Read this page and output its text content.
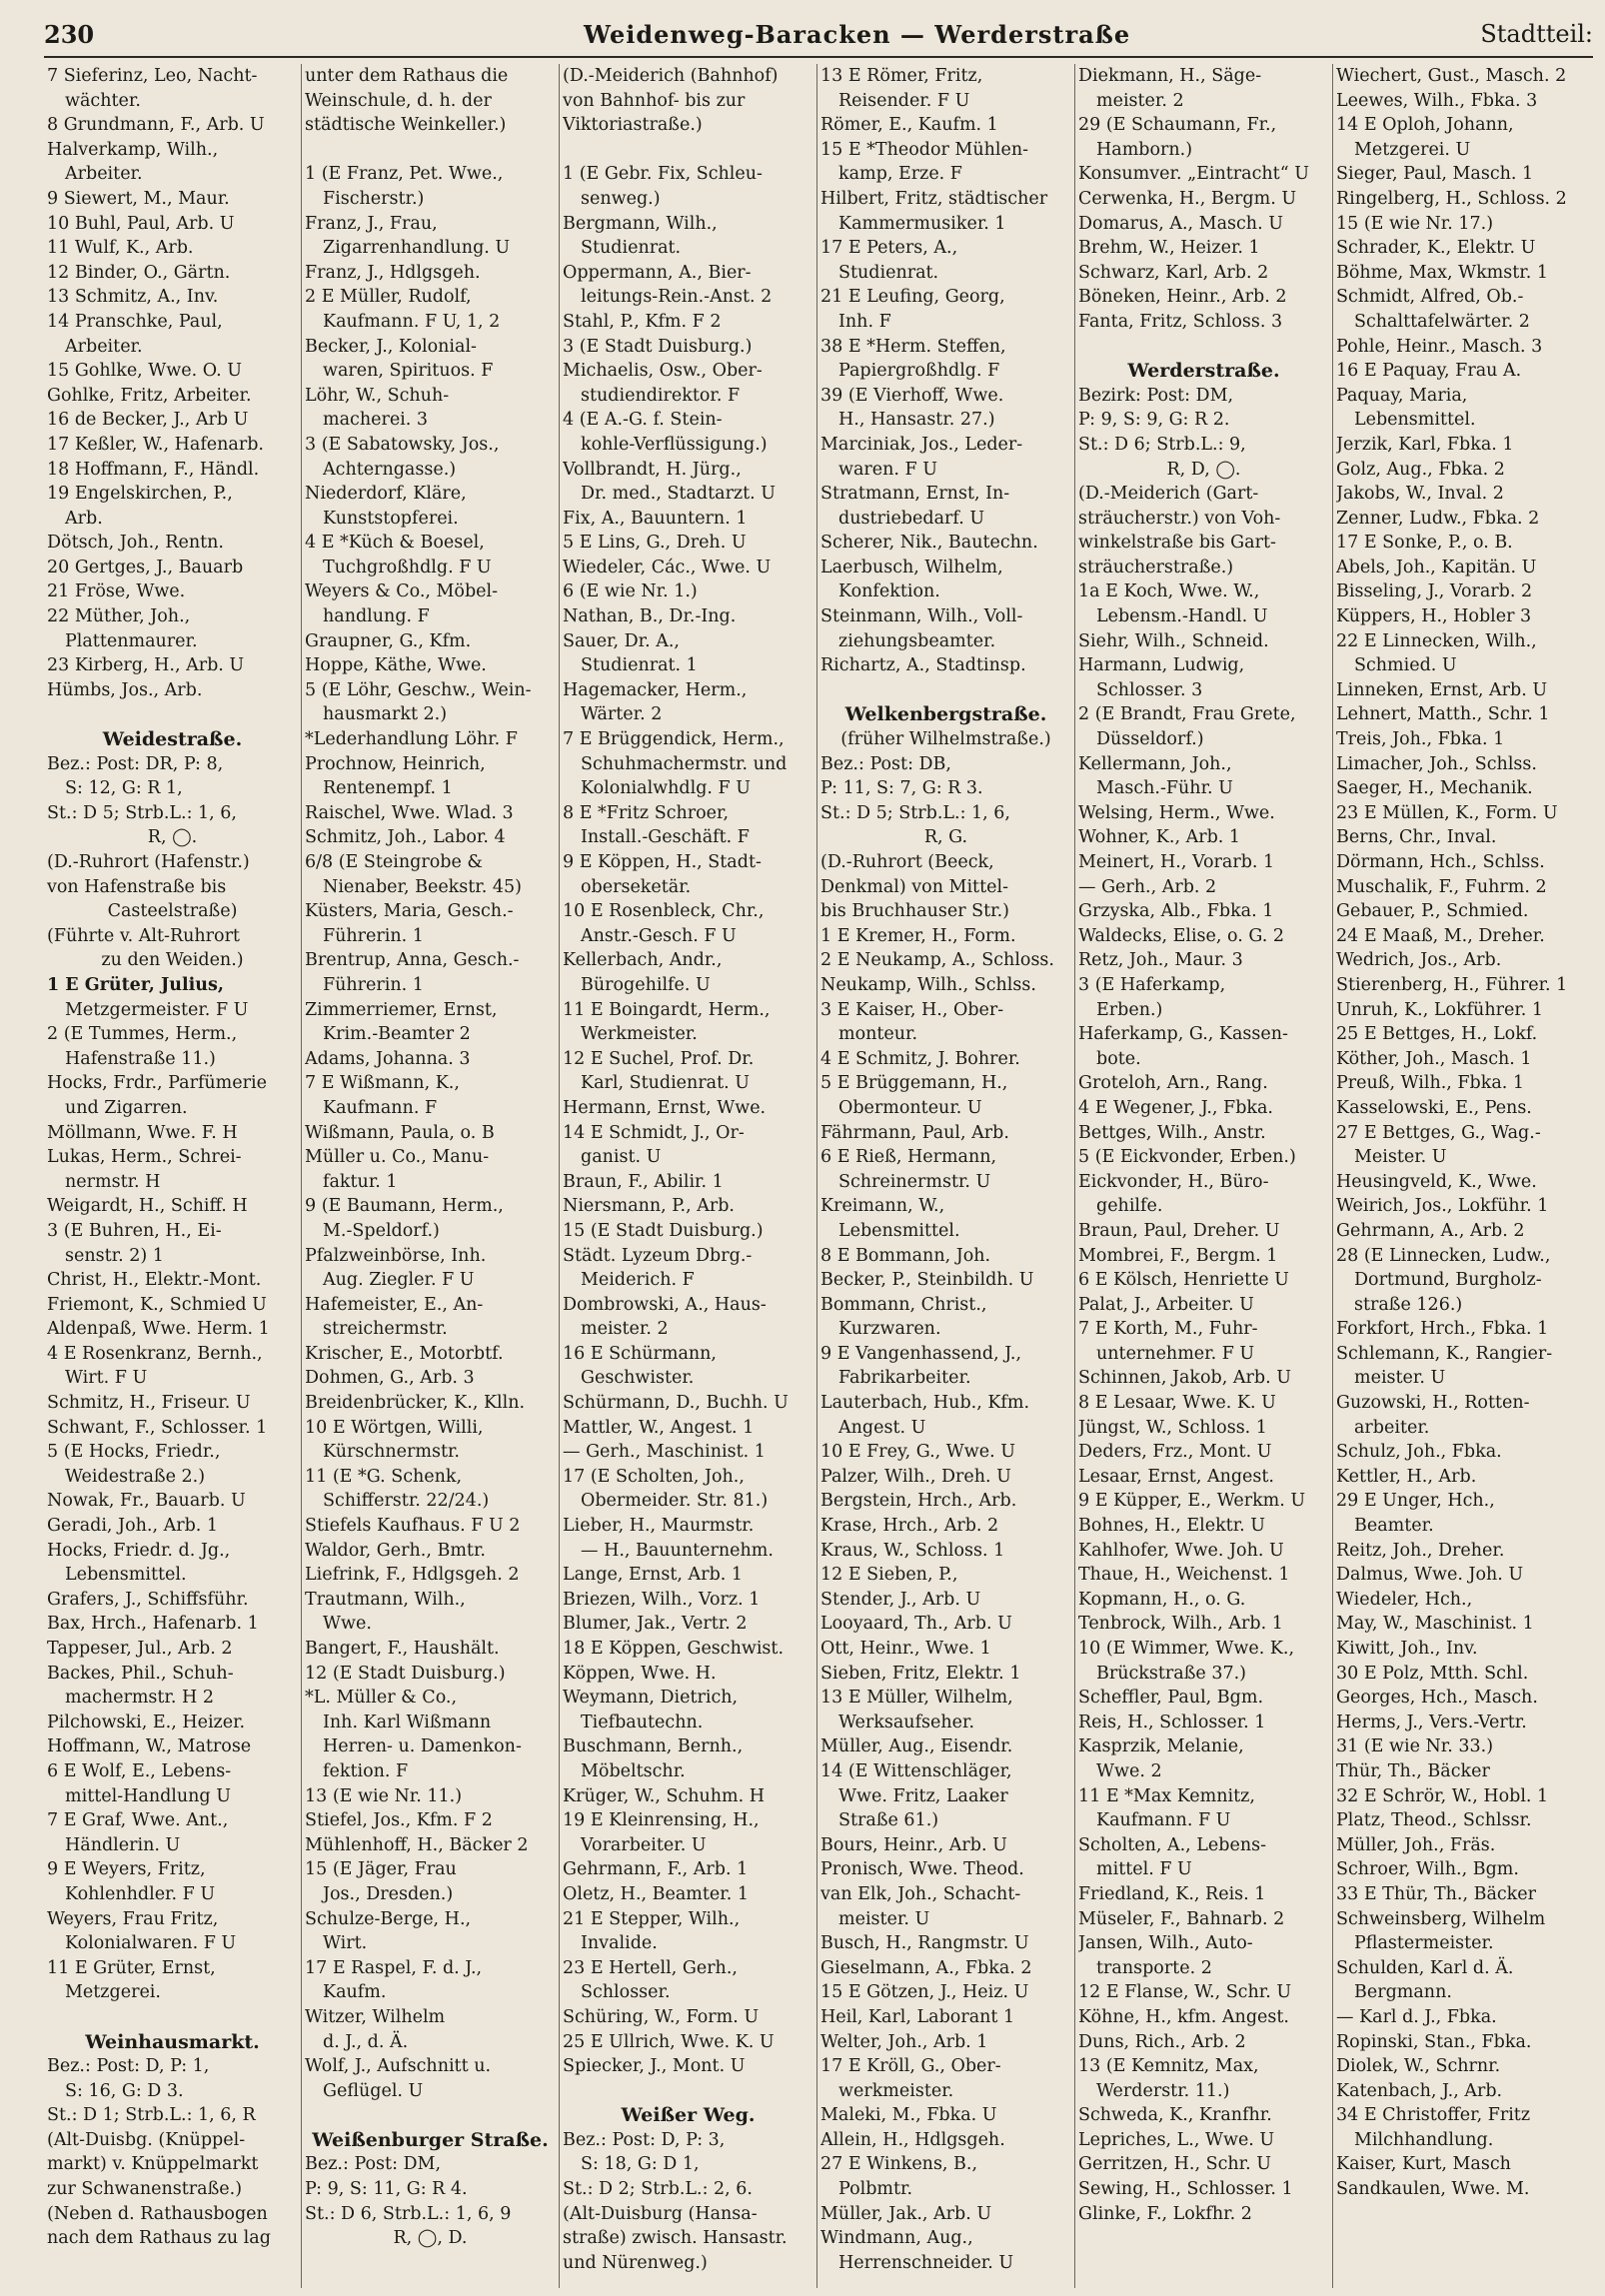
230	Weidenweg-Baracken — Werderstraße	Stadtteil:
7 Sieferinz, Leo, Nacht-
wächter.
8 Grundmann, F., Arb. U
Halverkamp, Wilh.,
Arbeiter.
9 Siewert, M., Maur.
10 Buhl, Paul, Arb. U
11 Wulf, K., Arb.
12 Binder, O., Gärtn.
13 Schmitz, A., Inv.
14 Pranschke, Paul,
Arbeiter.
15 Gohlke, Wwe. O. U
Gohlke, Fritz, Arbeiter.
16 de Becker, J., Arb U
17 Keßler, W., Hafenarb.
18 Hoffmann, F., Händl.
19 Engelskirchen, P.,
Arb.
Dötsch, Joh., Rentn.
20 Gertges, J., Bauarb
21 Fröse, Wwe.
22 Müther, Joh.,
Plattenmaurer.
23 Kirberg, H., Arb. U
Hümbs, Jos., Arb.
Weidestraße.
Bez.: Post: DR, P: 8,
S: 12, G: R 1,
St.: D 5; Strb.L.: 1, 6,
R, ◯.
(D.-Ruhrort (Hafenstr.)
von Hafenstraße bis
Casteelstraße)
(Führte v. Alt-Ruhrort
zu den Weiden.)
1 E Grüter, Julius,
Metzgermeister. F U
2 (E Tummes, Herm.,
Hafenstraße 11.)
Hocks, Frdr., Parfümerie
und Zigarren.
Möllmann, Wwe. F. H
Lukas, Herm., Schrei-
nermstr. H
Weigardt, H., Schiff. H
3 (E Buhren, H., Ei-
senstr. 2) 1
Christ, H., Elektr.-Mont.
Friemont, K., Schmied U
Aldenpaß, Wwe. Herm. 1
4 E Rosenkranz, Bernh.,
Wirt. F U
Schmitz, H., Friseur. U
Schwant, F., Schlosser. 1
5 (E Hocks, Friedr.,
Weidestraße 2.)
Nowak, Fr., Bauarb. U
Geradi, Joh., Arb. 1
Hocks, Friedr. d. Jg.,
Lebensmittel.
Grafers, J., Schiffsführ.
Bax, Hrch., Hafenarb. 1
Tappeser, Jul., Arb. 2
Backes, Phil., Schuh-
machermstr. H 2
Pilchowski, E., Heizer.
Hoffmann, W., Matrose
6 E Wolf, E., Lebens-
mittel-Handlung U
7 E Graf, Wwe. Ant.,
Händlerin. U
9 E Weyers, Fritz,
Kohlenhdler. F U
Weyers, Frau Fritz,
Kolonialwaren. F U
11 E Grüter, Ernst,
Metzgerei.
Weinhausmarkt.
Bez.: Post: D, P: 1,
S: 16, G: D 3.
St.: D 1; Strb.L.: 1, 6, R
(Alt-Duisbg. (Knüppel-
markt) v. Knüppelmarkt
zur Schwanenstraße.)
(Neben d. Rathausbogen
nach dem Rathaus zu lag
unter dem Rathaus die
Weinschule, d. h. der
städtische Weinkeller.)
1 (E Franz, Pet. Wwe.,
Fischerstr.)
Franz, J., Frau,
Zigarrenhandlung. U
Franz, J., Hdlgsgeh.
2 E Müller, Rudolf,
Kaufmann. F U, 1, 2
Becker, J., Kolonial-
waren, Spirituos. F
Löhr, W., Schuh-
macherei. 3
3 (E Sabatowsky, Jos.,
Achterngasse.)
Niederdorf, Kläre,
Kunststopferei.
4 E *Küch & Boesel,
Tuchgroßhdlg. F U
Weyers & Co., Möbel-
handlung. F
Graupner, G., Kfm.
Hoppe, Käthe, Wwe.
5 (E Löhr, Geschw., Wein-
hausmarkt 2.)
*Lederhandlung Löhr. F
Prochnow, Heinrich,
Rentenempf. 1
Raischel, Wwe. Wlad. 3
Schmitz, Joh., Labor. 4
6/8 (E Steingrobe &
Nienaber, Beekstr. 45)
Küsters, Maria, Gesch.-
Führerin. 1
Brentrup, Anna, Gesch.-
Führerin. 1
Zimmerriemer, Ernst,
Krim.-Beamter 2
Adams, Johanna. 3
7 E Wißmann, K.,
Kaufmann. F
Wißmann, Paula, o. B
Müller u. Co., Manu-
faktur. 1
9 (E Baumann, Herm.,
M.-Speldorf.)
Pfalzweinbörse, Inh.
Aug. Ziegler. F U
Hafemeister, E., An-
streichermstr.
Krischer, E., Motorbtf.
Dohmen, G., Arb. 3
Breidenbrücker, K., Klln.
10 E Wörtgen, Willi,
Kürschnermstr.
11 (E *G. Schenk,
Schifferstr. 22/24.)
Stiefels Kaufhaus. F U 2
Waldor, Gerh., Bmtr.
Liefrink, F., Hdlgsgeh. 2
Trautmann, Wilh.,
Wwe.
Bangert, F., Haushält.
12 (E Stadt Duisburg.)
*L. Müller & Co.,
Inh. Karl Wißmann
Herren- u. Damenkon-
fektion. F
13 (E wie Nr. 11.)
Stiefel, Jos., Kfm. F 2
Mühlenhoff, H., Bäcker 2
15 (E Jäger, Frau
Jos., Dresden.)
Schulze-Berge, H.,
Wirt.
17 E Raspel, F. d. J.,
Kaufm.
Witzer, Wilhelm
d. J., d. Ä.
Wolf, J., Aufschnitt u.
Geflügel. U
Weißenburger Straße.
Bez.: Post: DM,
P: 9, S: 11, G: R 4.
St.: D 6, Strb.L.: 1, 6, 9
R, ◯, D.
(D.-Meiderich (Bahnhof)
von Bahnhof- bis zur
Viktoriastraße.)
1 (E Gebr. Fix, Schleu-
senweg.)
Bergmann, Wilh.,
Studienrat.
Oppermann, A., Bier-
leitungs-Rein.-Anst. 2
Stahl, P., Kfm. F 2
3 (E Stadt Duisburg.)
Michaelis, Osw., Ober-
studiendirektor. F
4 (E A.-G. f. Stein-
kohle-Verflüssigung.)
Vollbrandt, H. Jürg.,
Dr. med., Stadtarzt. U
Fix, A., Bauuntern. 1
5 E Lins, G., Dreh. U
Wiedeler, Các., Wwe. U
6 (E wie Nr. 1.)
Nathan, B., Dr.-Ing.
Sauer, Dr. A.,
Studienrat. 1
Hagemacker, Herm.,
Wärter. 2
7 E Brüggendick, Herm.,
Schuhmachermstr. und
Kolonialwhdlg. F U
8 E *Fritz Schroer,
Install.-Geschäft. F
9 E Köppen, H., Stadt-
oberseketär.
10 E Rosenbleck, Chr.,
Anstr.-Gesch. F U
Kellerbach, Andr.,
Bürogehilfe. U
11 E Boingardt, Herm.,
Werkmeister.
12 E Suchel, Prof. Dr.
Karl, Studienrat. U
Hermann, Ernst, Wwe.
14 E Schmidt, J., Or-
ganist. U
Braun, F., Abilir. 1
Niersmann, P., Arb.
15 (E Stadt Duisburg.)
Städt. Lyzeum Dbrg.-
Meiderich. F
Dombrowski, A., Haus-
meister. 2
16 E Schürmann,
Geschwister.
Schürmann, D., Buchh. U
Mattler, W., Angest. 1
— Gerh., Maschinist. 1
17 (E Scholten, Joh.,
Obermeider. Str. 81.)
Lieber, H., Maurmstr.
— H., Bauunternehm.
Lange, Ernst, Arb. 1
Briezen, Wilh., Vorz. 1
Blumer, Jak., Vertr. 2
18 E Köppen, Geschwist.
Köppen, Wwe. H.
Weymann, Dietrich,
Tiefbautechn.
Buschmann, Bernh.,
Möbeltschr.
Krüger, W., Schuhm. H
19 E Kleinrensing, H.,
Vorarbeiter. U
Gehrmann, F., Arb. 1
Oletz, H., Beamter. 1
21 E Stepper, Wilh.,
Invalide.
23 E Hertell, Gerh.,
Schlosser.
Schüring, W., Form. U
25 E Ullrich, Wwe. K. U
Spiecker, J., Mont. U
Weißer Weg.
Bez.: Post: D, P: 3,
S: 18, G: D 1,
St.: D 2; Strb.L.: 2, 6.
(Alt-Duisburg (Hansa-
straße) zwisch. Hansastr.
und Nürenweg.)
13 E Römer, Fritz,
Reisender. F U
Römer, E., Kaufm. 1
15 E *Theodor Mühlen-
kamp, Erze. F
Hilbert, Fritz, städtischer
Kammermusiker. 1
17 E Peters, A.,
Studienrat.
21 E Leufing, Georg,
Inh. F
38 E *Herm. Steffen,
Papiergroßhdlg. F
39 (E Vierhoff, Wwe.
H., Hansastr. 27.)
Marciniak, Jos., Leder-
waren. F U
Stratmann, Ernst, In-
dustriebedarf. U
Scherer, Nik., Bautechn.
Laerbusch, Wilhelm,
Konfektion.
Steinmann, Wilh., Voll-
ziehungsbeamter.
Richartz, A., Stadtinsp.
Welkenbergstraße.
(früher Wilhelmstraße.)
Bez.: Post: DB,
P: 11, S: 7, G: R 3.
St.: D 5; Strb.L.: 1, 6,
R, G.
(D.-Ruhrort (Beeck,
Denkmal) von Mittel-
bis Bruchhauser Str.)
1 E Kremer, H., Form.
2 E Neukamp, A., Schloss.
Neukamp, Wilh., Schlss.
3 E Kaiser, H., Ober-
monteur.
4 E Schmitz, J. Bohrer.
5 E Brüggemann, H.,
Obermonteur. U
Fährmann, Paul, Arb.
6 E Rieß, Hermann,
Schreinermstr. U
Kreimann, W.,
Lebensmittel.
8 E Bommann, Joh.
Becker, P., Steinbildh. U
Bommann, Christ.,
Kurzwaren.
9 E Vangenhassend, J.,
Fabrikarbeiter.
Lauterbach, Hub., Kfm.
Angest. U
10 E Frey, G., Wwe. U
Palzer, Wilh., Dreh. U
Bergstein, Hrch., Arb.
Krase, Hrch., Arb. 2
Kraus, W., Schloss. 1
12 E Sieben, P.,
Stender, J., Arb. U
Looyaard, Th., Arb. U
Ott, Heinr., Wwe. 1
Sieben, Fritz, Elektr. 1
13 E Müller, Wilhelm,
Werksaufseher.
Müller, Aug., Eisendr.
14 (E Wittenschläger,
Wwe. Fritz, Laaker
Straße 61.)
Bours, Heinr., Arb. U
Pronisch, Wwe. Theod.
van Elk, Joh., Schacht-
meister. U
Busch, H., Rangmstr. U
Gieselmann, A., Fbka. 2
15 E Götzen, J., Heiz. U
Heil, Karl, Laborant 1
Welter, Joh., Arb. 1
17 E Kröll, G., Ober-
werkmeister.
Maleki, M., Fbka. U
Allein, H., Hdlgsgeh.
27 E Winkens, B.,
Polbmtr.
Müller, Jak., Arb. U
Windmann, Aug.,
Herrenschneider. U
Diekmann, H., Säge-
meister. 2
29 (E Schaumann, Fr.,
Hamborn.)
Konsumver. „Eintracht“ U
Cerwenka, H., Bergm. U
Domarus, A., Masch. U
Brehm, W., Heizer. 1
Schwarz, Karl, Arb. 2
Böneken, Heinr., Arb. 2
Fanta, Fritz, Schloss. 3
Werderstraße.
Bezirk: Post: DM,
P: 9, S: 9, G: R 2.
St.: D 6; Strb.L.: 9,
R, D, ◯.
(D.-Meiderich (Gart-
sträucherstr.) von Voh-
winkelstraße bis Gart-
sträucherstraße.)
1a E Koch, Wwe. W.,
Lebensm.-Handl. U
Siehr, Wilh., Schneid.
Harmann, Ludwig,
Schlosser. 3
2 (E Brandt, Frau Grete,
Düsseldorf.)
Kellermann, Joh.,
Masch.-Führ. U
Welsing, Herm., Wwe.
Wohner, K., Arb. 1
Meinert, H., Vorarb. 1
— Gerh., Arb. 2
Grzyska, Alb., Fbka. 1
Waldecks, Elise, o. G. 2
Retz, Joh., Maur. 3
3 (E Haferkamp,
Erben.)
Haferkamp, G., Kassen-
bote.
Groteloh, Arn., Rang.
4 E Wegener, J., Fbka.
Bettges, Wilh., Anstr.
5 (E Eickvonder, Erben.)
Eickvonder, H., Büro-
gehilfe.
Braun, Paul, Dreher. U
Mombrei, F., Bergm. 1
6 E Kölsch, Henriette U
Palat, J., Arbeiter. U
7 E Korth, M., Fuhr-
unternehmer. F U
Schinnen, Jakob, Arb. U
8 E Lesaar, Wwe. K. U
Jüngst, W., Schloss. 1
Deders, Frz., Mont. U
Lesaar, Ernst, Angest.
9 E Küpper, E., Werkm. U
Bohnes, H., Elektr. U
Kahlhofer, Wwe. Joh. U
Thaue, H., Weichenst. 1
Kopmann, H., o. G.
Tenbrock, Wilh., Arb. 1
10 (E Wimmer, Wwe. K.,
Brückstraße 37.)
Scheffler, Paul, Bgm.
Reis, H., Schlosser. 1
Kasprzik, Melanie,
Wwe. 2
11 E *Max Kemnitz,
Kaufmann. F U
Scholten, A., Lebens-
mittel. F U
Friedland, K., Reis. 1
Müseler, F., Bahnarb. 2
Jansen, Wilh., Auto-
transporte. 2
12 E Flanse, W., Schr. U
Köhne, H., kfm. Angest.
Duns, Rich., Arb. 2
13 (E Kemnitz, Max,
Werderstr. 11.)
Schweda, K., Kranfhr.
Lepriches, L., Wwe. U
Gerritzen, H., Schr. U
Sewing, H., Schlosser. 1
Glinke, F., Lokfhr. 2
Wiechert, Gust., Masch. 2
Leewes, Wilh., Fbka. 3
14 E Oploh, Johann,
Metzgerei. U
Sieger, Paul, Masch. 1
Ringelberg, H., Schloss. 2
15 (E wie Nr. 17.)
Schrader, K., Elektr. U
Böhme, Max, Wkmstr. 1
Schmidt, Alfred, Ob.-
Schalttafelwärter. 2
Pohle, Heinr., Masch. 3
16 E Paquay, Frau A.
Paquay, Maria,
Lebensmittel.
Jerzik, Karl, Fbka. 1
Golz, Aug., Fbka. 2
Jakobs, W., Inval. 2
Zenner, Ludw., Fbka. 2
17 E Sonke, P., o. B.
Abels, Joh., Kapitän. U
Bisseling, J., Vorarb. 2
Küppers, H., Hobler 3
22 E Linnecken, Wilh.,
Schmied. U
Linneken, Ernst, Arb. U
Lehnert, Matth., Schr. 1
Treis, Joh., Fbka. 1
Limacher, Joh., Schlss.
Saeger, H., Mechanik.
23 E Müllen, K., Form. U
Berns, Chr., Inval.
Dörmann, Hch., Schlss.
Muschalik, F., Fuhrm. 2
Gebauer, P., Schmied.
24 E Maaß, M., Dreher.
Wedrich, Jos., Arb.
Stierenberg, H., Führer. 1
Unruh, K., Lokführer. 1
25 E Bettges, H., Lokf.
Köther, Joh., Masch. 1
Preuß, Wilh., Fbka. 1
Kasselowski, E., Pens.
27 E Bettges, G., Wag.-
Meister. U
Heusingveld, K., Wwe.
Weirich, Jos., Lokführ. 1
Gehrmann, A., Arb. 2
28 (E Linnecken, Ludw.,
Dortmund, Burgholz-
straße 126.)
Forkfort, Hrch., Fbka. 1
Schlemann, K., Rangier-
meister. U
Guzowski, H., Rotten-
arbeiter.
Schulz, Joh., Fbka.
Kettler, H., Arb.
29 E Unger, Hch.,
Beamter.
Reitz, Joh., Dreher.
Dalmus, Wwe. Joh. U
Wiedeler, Hch.,
May, W., Maschinist. 1
Kiwitt, Joh., Inv.
30 E Polz, Mtth. Schl.
Georges, Hch., Masch.
Herms, J., Vers.-Vertr.
31 (E wie Nr. 33.)
Thür, Th., Bäcker
32 E Schrör, W., Hobl. 1
Platz, Theod., Schlssr.
Müller, Joh., Fräs.
Schroer, Wilh., Bgm.
33 E Thür, Th., Bäcker
Schweinsberg, Wilhelm
Pflastermeister.
Schulden, Karl d. Ä.
Bergmann.
— Karl d. J., Fbka.
Ropinski, Stan., Fbka.
Diolek, W., Schrnr.
Katenbach, J., Arb.
34 E Christoffer, Fritz
Milchhandlung.
Kaiser, Kurt, Masch
Sandkaulen, Wwe. M.
